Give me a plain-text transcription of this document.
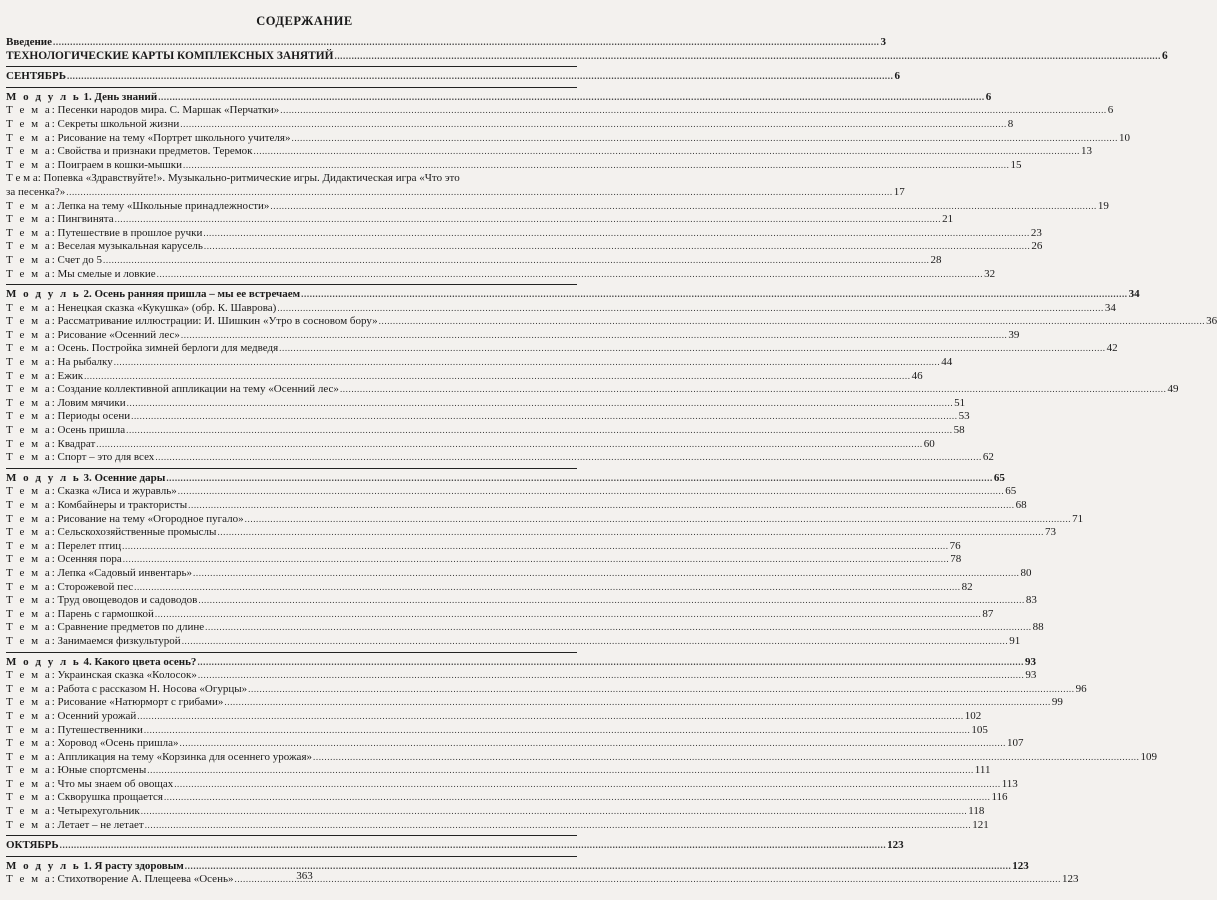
СОДЕРЖАНИЕ
Введение .....	3
ТЕХНОЛОГИЧЕСКИЕ КАРТЫ КОМПЛЕКСНЫХ ЗАНЯТИЙ .....	6
СЕНТЯБРЬ .....	6
М о д у л ь 1. День знаний .....	6
Т е м а: Песенки народов мира. С. Маршак «Перчатки» .....	6
Т е м а: Секреты школьной жизни .....	8
Т е м а: Рисование на тему «Портрет школьного учителя» .....	10
Т е м а: Свойства и признаки предметов. Теремок .....	13
Т е м а: Поиграем в кошки-мышки .....	15
Т е м а: Попевка «Здравствуйте!». Музыкально-ритмические игры. Дидактическая игра «Что это
за песенка?» .....	17
Т е м а: Лепка на тему «Школьные принадлежности» .....	19
Т е м а: Пингвинята .....	21
Т е м а: Путешествие в прошлое ручки .....	23
Т е м а: Веселая музыкальная карусель .....	26
Т е м а: Счет до 5 .....	28
Т е м а: Мы смелые и ловкие .....	32
М о д у л ь 2. Осень ранняя пришла – мы ее встречаем .....	34
Т е м а: Ненецкая сказка «Кукушка» (обр. К. Шаврова) .....	34
Т е м а: Рассматривание иллюстрации: И. Шишкин «Утро в сосновом бору» .....	36
Т е м а: Рисование «Осенний лес» .....	39
Т е м а: Осень. Постройка зимней берлоги для медведя .....	42
Т е м а: На рыбалку .....	44
Т е м а: Ежик .....	46
Т е м а: Создание коллективной аппликации на тему «Осенний лес» .....	49
Т е м а: Ловим мячики .....	51
Т е м а: Периоды осени .....	53
Т е м а: Осень пришла .....	58
Т е м а: Квадрат .....	60
Т е м а: Спорт – это для всех .....	62
М о д у л ь 3. Осенние дары .....	65
Т е м а: Сказка «Лиса и журавль» .....	65
Т е м а: Комбайнеры и трактористы .....	68
Т е м а: Рисование на тему «Огородное пугало» .....	71
Т е м а: Сельскохозяйственные промыслы .....	73
Т е м а: Перелет птиц .....	76
Т е м а: Осенняя пора .....	78
Т е м а: Лепка «Садовый инвентарь» .....	80
Т е м а: Сторожевой пес .....	82
Т е м а: Труд овощеводов и садоводов .....	83
Т е м а: Парень с гармошкой .....	87
Т е м а: Сравнение предметов по длине .....	88
Т е м а: Занимаемся физкультурой .....	91
М о д у л ь 4. Какого цвета осень? .....	93
Т е м а: Украинская сказка «Колосок» .....	93
Т е м а: Работа с рассказом Н. Носова «Огурцы» .....	96
Т е м а: Рисование «Натюрморт с грибами» .....	99
Т е м а: Осенний урожай .....	102
Т е м а: Путешественники .....	105
Т е м а: Хоровод «Осень пришла» .....	107
Т е м а: Аппликация на тему «Корзинка для осеннего урожая» .....	109
Т е м а: Юные спортсмены .....	111
Т е м а: Что мы знаем об овощах .....	113
Т е м а: Скворушка прощается .....	116
Т е м а: Четырехугольник .....	118
Т е м а: Летает – не летает .....	121
ОКТЯБРЬ .....	123
М о д у л ь 1. Я расту здоровым .....	123
Т е м а: Стихотворение А. Плещеева «Осень» .....	123
363
